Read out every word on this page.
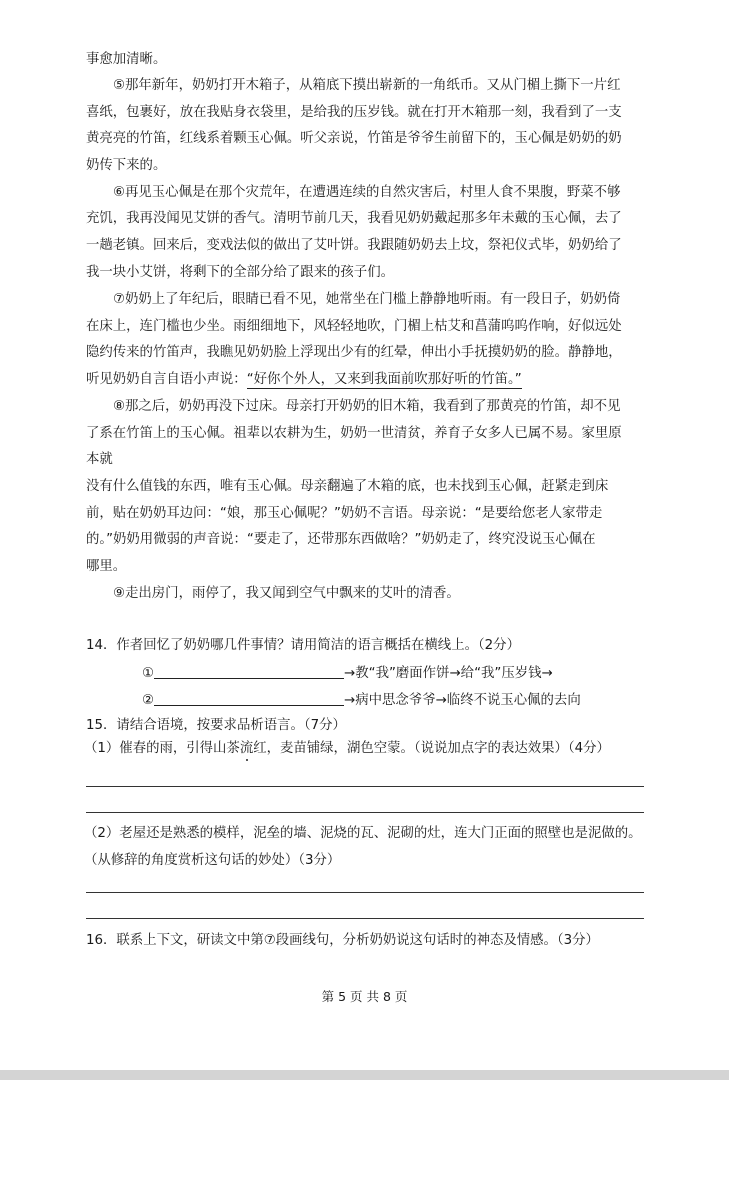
事愈加清晰。
⑤那年新年，奶奶打开木箱子，从箱底下摸出崭新的一角纸币。又从门楣上撕下一片红
喜纸，包裹好，放在我贴身衣袋里，是给我的压岁钱。就在打开木箱那一刻，我看到了一支
黄亮亮的竹笛，红线系着颗玉心佩。听父亲说，竹笛是爷爷生前留下的，玉心佩是奶奶的奶
奶传下来的。
⑥再见玉心佩是在那个灾荒年，在遭遇连续的自然灾害后，村里人食不果腹，野菜不够
充饥，我再没闻见艾饼的香气。清明节前几天，我看见奶奶戴起那多年未戴的玉心佩，去了
一趟老镇。回来后，变戏法似的做出了艾叶饼。我跟随奶奶去上坟，祭祀仪式毕，奶奶给了
我一块小艾饼，将剩下的全部分给了跟来的孩子们。
⑦奶奶上了年纪后，眼睛已看不见，她常坐在门槛上静静地听雨。有一段日子，奶奶倚
在床上，连门槛也少坐。雨细细地下，风轻轻地吹，门楣上枯艾和菖蒲呜呜作响，好似远处
隐约传来的竹笛声，我瞧见奶奶脸上浮现出少有的红晕，伸出小手抚摸奶奶的脸。静静地，
听见奶奶自言自语小声说：“好你个外人，又来到我面前吹那好听的竹笛。”
⑧那之后，奶奶再没下过床。母亲打开奶奶的旧木箱，我看到了那黄亮的竹笛，却不见
了系在竹笛上的玉心佩。祖辈以农耕为生，奶奶一世清贫，养育子女多人已属不易。家里原
本就
没有什么值钱的东西，唯有玉心佩。母亲翻遍了木箱的底，也未找到玉心佩，赶紧走到床
前，贴在奶奶耳边问：“娘，那玉心佩呢？”奶奶不言语。母亲说：“是要给您老人家带走
的。”奶奶用微弱的声音说：“要走了，还带那东西做啥？”奶奶走了，终究没说玉心佩在
哪里。
⑨走出房门，雨停了，我又闻到空气中飘来的艾叶的清香。
14．作者回忆了奶奶哪几件事情？请用简洁的语言概括在横线上。（2分）
①	→教“我”磨面作饼→给“我”压岁钱→
②	→病中思念爷爷→临终不说玉心佩的去向
15．请结合语境，按要求品析语言。（7分）
（1）催春的雨，引得山茶流红，麦苗铺绿，湖色空蒙。（说说加点字的表达效果）（4分）
（2）老屋还是熟悉的模样，泥垒的墙、泥烧的瓦、泥砌的灶，连大门正面的照壁也是泥做的。
（从修辞的角度赏析这句话的妙处）（3分）
16．联系上下文，研读文中第⑦段画线句，分析奶奶说这句话时的神态及情感。（3分）
第 5 页 共 8 页
